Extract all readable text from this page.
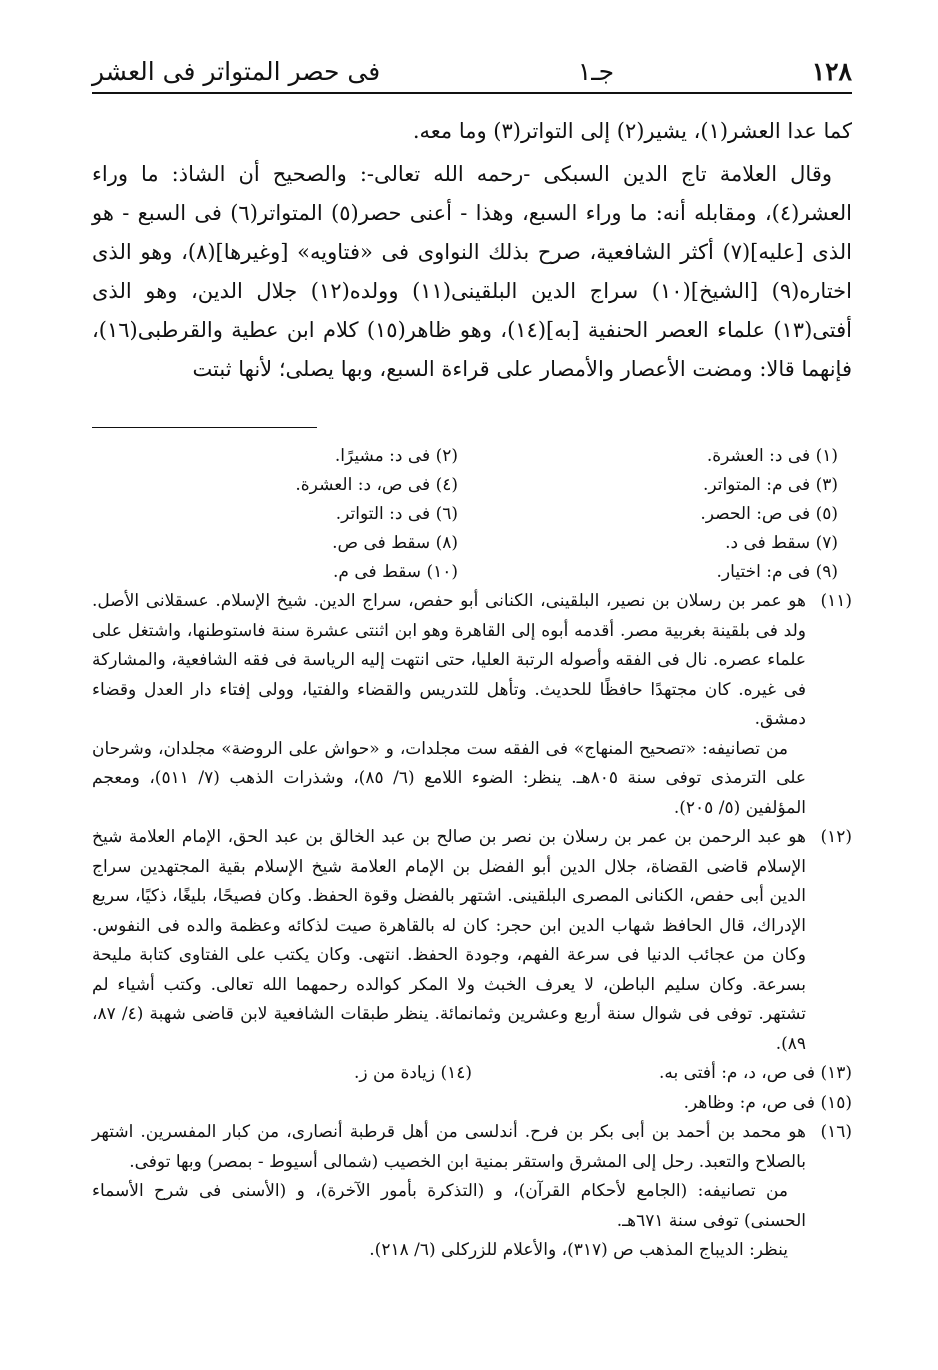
١٢٨
جـ١
فى حصر المتواتر فى العشر

كما عدا العشر(١)، يشير(٢) إلى التواتر(٣) وما معه.

وقال العلامة تاج الدين السبكى -رحمه الله تعالى-: والصحيح أن الشاذ: ما وراء العشر(٤)، ومقابله أنه: ما وراء السبع، وهذا - أعنى حصر(٥) المتواتر(٦) فى السبع - هو الذى [عليه](٧) أكثر الشافعية، صرح بذلك النواوى فى «فتاويه» [وغيرها](٨)، وهو الذى اختاره(٩) [الشيخ](١٠) سراج الدين البلقينى(١١) وولده(١٢) جلال الدين، وهو الذى أفتى(١٣) علماء العصر الحنفية [به](١٤)، وهو ظاهر(١٥) كلام ابن عطية والقرطبى(١٦)، فإنهما قالا: ومضت الأعصار والأمصار على قراءة السبع، وبها يصلى؛ لأنها ثبتت

(١) فى د: العشرة.
(٢) فى د: مشيرًا.
(٣) فى م: المتواتر.
(٤) فى ص، د: العشرة.
(٥) فى ص: الحصر.
(٦) فى د: التواتر.
(٧) سقط فى د.
(٨) سقط فى ص.
(٩) فى م: اختيار.
(١٠) سقط فى م.
(١١)
هو عمر بن رسلان بن نصير، البلقينى، الكنانى أبو حفص، سراج الدين. شيخ الإسلام. عسقلانى الأصل. ولد فى بلقينة بغربية مصر. أقدمه أبوه إلى القاهرة وهو ابن اثنتى عشرة سنة فاستوطنها، واشتغل على علماء عصره. نال فى الفقه وأصوله الرتبة العليا، حتى انتهت إليه الرياسة فى فقه الشافعية، والمشاركة فى غيره. كان مجتهدًا حافظًا للحديث. وتأهل للتدريس والقضاء والفتيا، وولى إفتاء دار العدل وقضاء دمشق.
من تصانيفه: «تصحيح المنهاج» فى الفقه ست مجلدات، و «حواش على الروضة» مجلدان، وشرحان على الترمذى توفى سنة ٨٠٥هـ. ينظر: الضوء اللامع (٦/ ٨٥)، وشذرات الذهب (٧/ ٥١١)، ومعجم المؤلفين (٥/ ٢٠٥).
(١٢)
هو عبد الرحمن بن عمر بن رسلان بن نصر بن صالح بن عبد الخالق بن عبد الحق، الإمام العلامة شيخ الإسلام قاضى القضاة، جلال الدين أبو الفضل بن الإمام العلامة شيخ الإسلام بقية المجتهدين سراج الدين أبى حفص، الكنانى المصرى البلقينى. اشتهر بالفضل وقوة الحفظ. وكان فصيحًا، بليغًا، ذكيًا، سريع الإدراك، قال الحافظ شهاب الدين ابن حجر: كان له بالقاهرة صيت لذكائه وعظمة والده فى النفوس. وكان من عجائب الدنيا فى سرعة الفهم، وجودة الحفظ. انتهى. وكان يكتب على الفتاوى كتابة مليحة بسرعة. وكان سليم الباطن، لا يعرف الخبث ولا المكر كوالده رحمهما الله تعالى. وكتب أشياء لم تشتهر. توفى فى شوال سنة أربع وعشرين وثمانمائة. ينظر طبقات الشافعية لابن قاضى شهبة (٤/ ٨٧، ٨٩).
(١٣) فى ص، د، م: أفتى به.
(١٤) زيادة من ز.
(١٥) فى ص، م: وظاهر.
(١٦)
هو محمد بن أحمد بن أبى بكر بن فرح. أندلسى من أهل قرطبة أنصارى، من كبار المفسرين. اشتهر بالصلاح والتعبد. رحل إلى المشرق واستقر بمنية ابن الخصيب (شمالى أسيوط - بمصر) وبها توفى.
من تصانيفه: (الجامع لأحكام القرآن)، و (التذكرة بأمور الآخرة)، و (الأسنى فى شرح الأسماء الحسنى) توفى سنة ٦٧١هـ.
ينظر: الديباج المذهب ص (٣١٧)، والأعلام للزركلى (٦/ ٢١٨).
